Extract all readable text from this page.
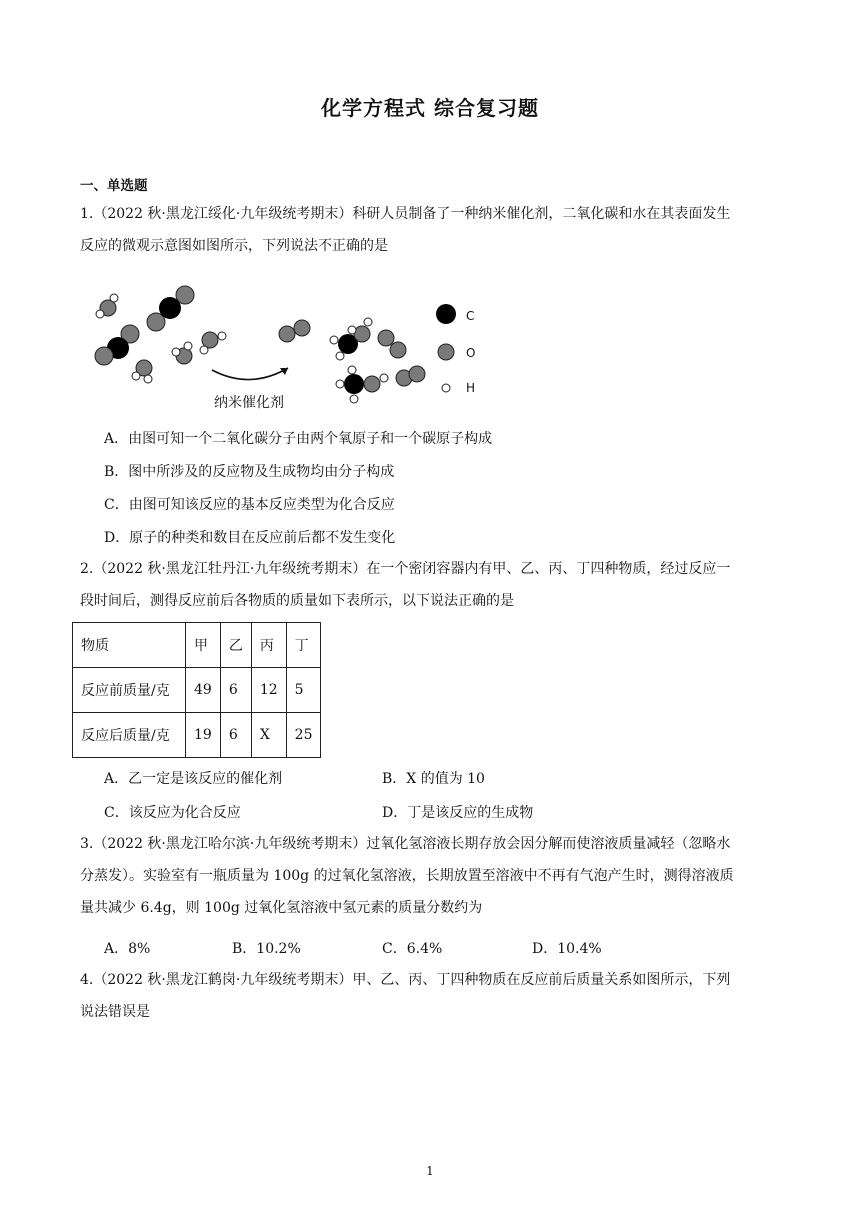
化学方程式 综合复习题
一、单选题
1.（2022 秋·黑龙江绥化·九年级统考期末）科研人员制备了一种纳米催化剂，二氧化碳和水在其表面发生
反应的微观示意图如图所示，下列说法不正确的是
纳米催化剂
C
O
H
A．由图可知一个二氧化碳分子由两个氧原子和一个碳原子构成
B．图中所涉及的反应物及生成物均由分子构成
C．由图可知该反应的基本反应类型为化合反应
D．原子的种类和数目在反应前后都不发生变化
2.（2022 秋·黑龙江牡丹江·九年级统考期末）在一个密闭容器内有甲、乙、丙、丁四种物质，经过反应一
段时间后，测得反应前后各物质的质量如下表所示，以下说法正确的是
物质	甲	乙	丙	丁
反应前质量/克	49	6	12	5
反应后质量/克	19	6	X	25
A．乙一定是该反应的催化剂	B．X 的值为 10
C．该反应为化合反应	D．丁是该反应的生成物
3.（2022 秋·黑龙江哈尔滨·九年级统考期末）过氧化氢溶液长期存放会因分解而使溶液质量减轻（忽略水
分蒸发）。实验室有一瓶质量为 100g 的过氧化氢溶液，长期放置至溶液中不再有气泡产生时，测得溶液质
量共减少 6.4g，则 100g 过氧化氢溶液中氢元素的质量分数约为
A．8%	B．10.2%	C．6.4%	D．10.4%
4.（2022 秋·黑龙江鹤岗·九年级统考期末）甲、乙、丙、丁四种物质在反应前后质量关系如图所示，下列
说法错误是
1
